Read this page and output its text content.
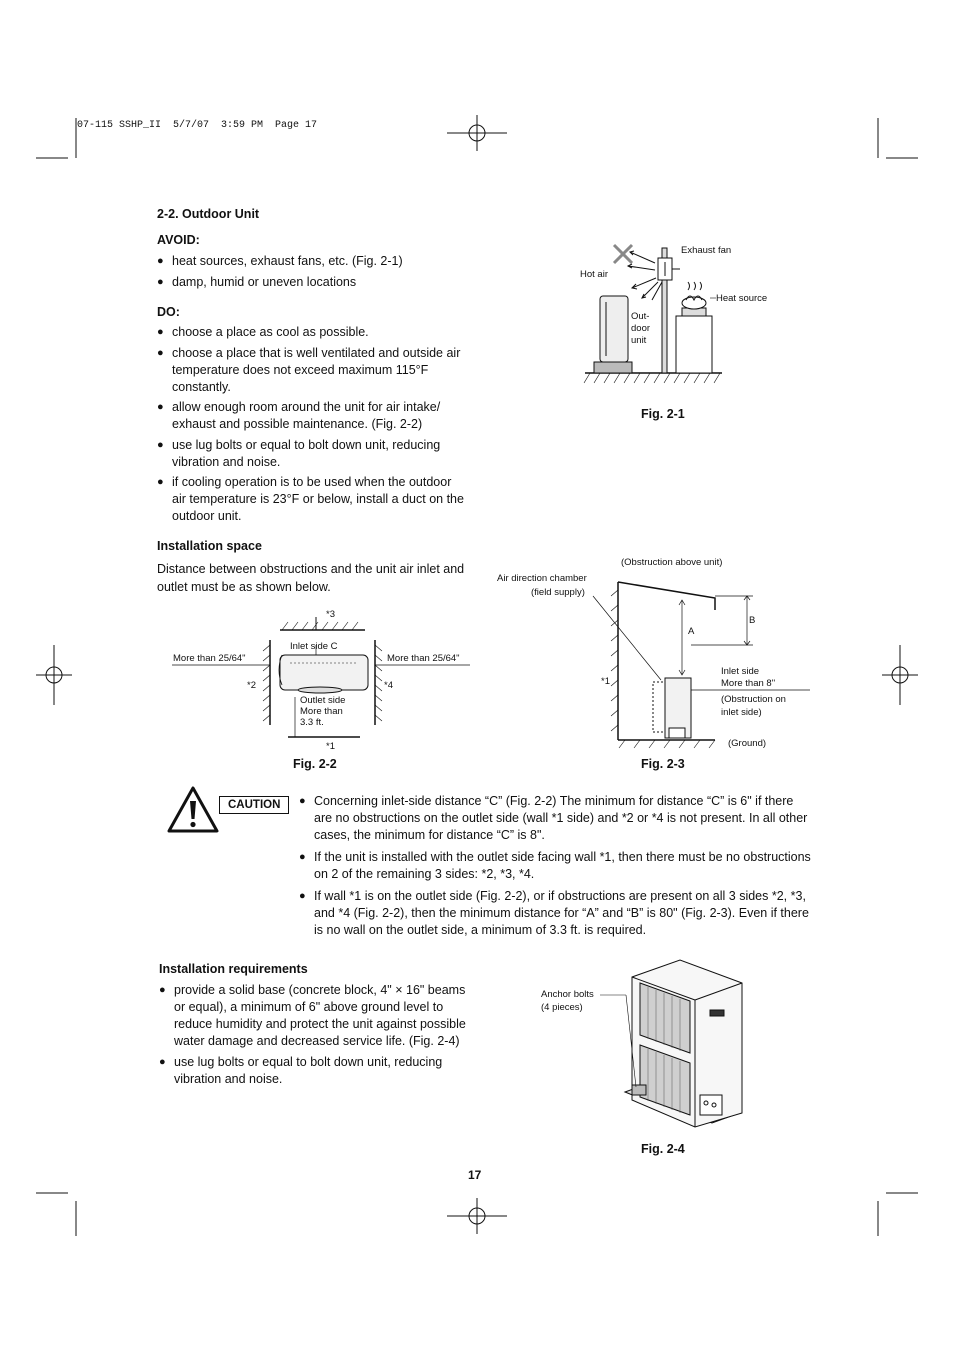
07-115 SSHP_II  5/7/07  3:59 PM  Page 17
2-2. Outdoor Unit
AVOID:
● heat sources, exhaust fans, etc. (Fig. 2-1)
● damp, humid or uneven locations
DO:
● choose a place as cool as possible.
● choose a place that is well ventilated and outside air temperature does not exceed maximum 115°F constantly.
● allow enough room around the unit for air intake/ exhaust and possible maintenance. (Fig. 2-2)
● use lug bolts or equal to bolt down unit, reducing vibration and noise.
● if cooling operation is to be used when the outdoor air temperature is 23°F or below, install a duct on the outdoor unit.
Exhaust fan
Hot air
Heat source
Out-
door
unit
Fig. 2-1
Installation space
Distance between obstructions and the unit air inlet and outlet must be as shown below.
*3
Inlet side C
More than 25/64"	More than 25/64"
*2	*4
Outlet side
More than
3.3 ft.
*1
Fig. 2-2
(Obstruction above unit)
Air direction chamber
(field supply)
A
B
*1
Inlet side
More than 8"
(Obstruction on
inlet side)
(Ground)
Fig. 2-3
CAUTION
●	Concerning inlet-side distance “C” (Fig. 2-2) The minimum for distance “C” is 6" if there are no obstructions on the outlet side (wall *1 side) and *2 or *4 is not present. In all other cases, the minimum for distance “C” is 8".
● If the unit is installed with the outlet side facing wall *1, then there must be no obstructions on 2 of the remaining 3 sides: *2, *3, *4.
● If wall *1 is on the outlet side (Fig. 2-2), or if obstructions are present on all 3 sides *2, *3, and *4 (Fig. 2-2), then the minimum distance for “A” and “B” is 80" (Fig. 2-3). Even if there is no wall on the outlet side, a minimum of 3.3 ft. is required.
Installation requirements
● provide a solid base (concrete block, 4" × 16" beams or equal), a minimum of 6" above ground level to reduce humidity and protect the unit against possible water damage and decreased service life. (Fig. 2-4)
● use lug bolts or equal to bolt down unit, reducing vibration and noise.
Anchor bolts
(4 pieces)
Fig. 2-4
17
